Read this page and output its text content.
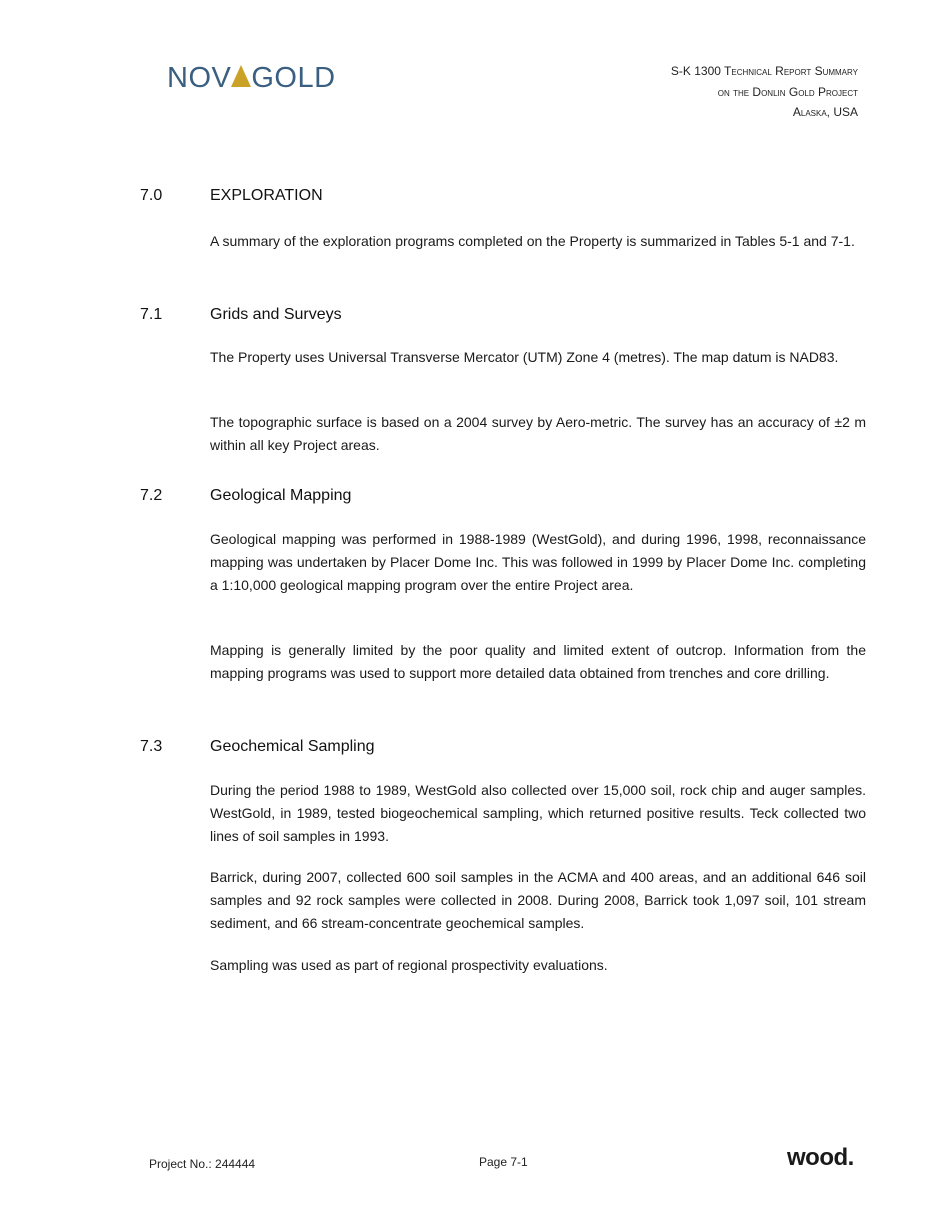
NOV GOLD	S-K 1300 Technical Report Summary
on the Donlin Gold Project
Alaska, USA
7.0	EXPLORATION
A summary of the exploration programs completed on the Property is summarized in Tables 5-1 and 7-1.
7.1	Grids and Surveys
The Property uses Universal Transverse Mercator (UTM) Zone 4 (metres). The map datum is NAD83.
The topographic surface is based on a 2004 survey by Aero-metric. The survey has an accuracy of ±2 m within all key Project areas.
7.2	Geological Mapping
Geological mapping was performed in 1988-1989 (WestGold), and during 1996, 1998, reconnaissance mapping was undertaken by Placer Dome Inc. This was followed in 1999 by Placer Dome Inc. completing a 1:10,000 geological mapping program over the entire Project area.
Mapping is generally limited by the poor quality and limited extent of outcrop. Information from the mapping programs was used to support more detailed data obtained from trenches and core drilling.
7.3	Geochemical Sampling
During the period 1988 to 1989, WestGold also collected over 15,000 soil, rock chip and auger samples. WestGold, in 1989, tested biogeochemical sampling, which returned positive results. Teck collected two lines of soil samples in 1993.
Barrick, during 2007, collected 600 soil samples in the ACMA and 400 areas, and an additional 646 soil samples and 92 rock samples were collected in 2008. During 2008, Barrick took 1,097 soil, 101 stream sediment, and 66 stream-concentrate geochemical samples.
Sampling was used as part of regional prospectivity evaluations.
Project No.: 244444	Page 7-1	wood.
